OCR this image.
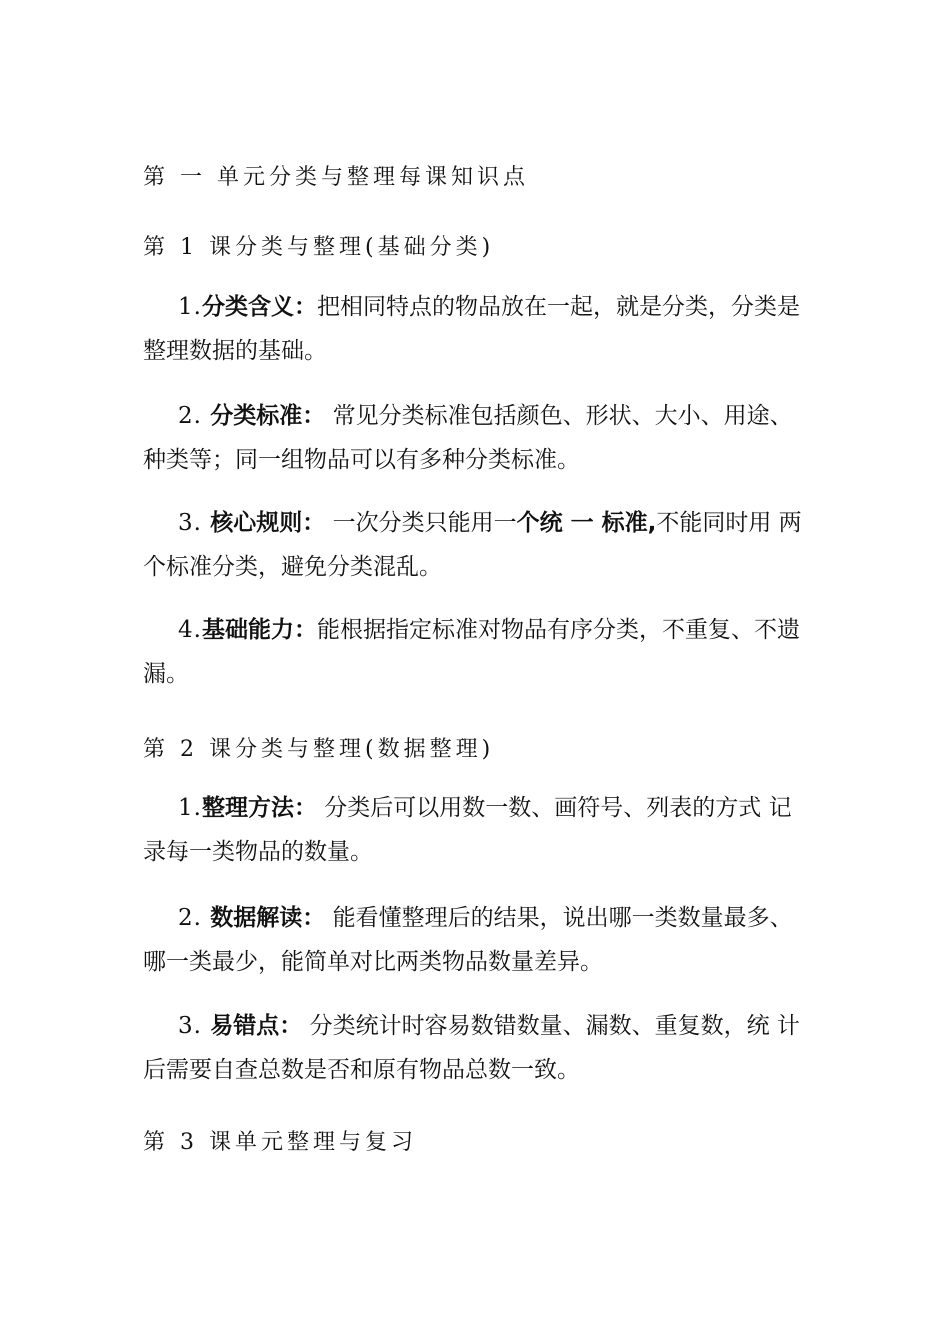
第 一 单元分类与整理每课知识点
第 1 课分类与整理(基础分类)
1.分类含义：把相同特点的物品放在一起，就是分类，分类是整理数据的基础。
2. 分类标准： 常见分类标准包括颜色、形状、大小、用途、 种类等；同一组物品可以有多种分类标准。
3. 核心规则： 一次分类只能用一个统 一 标准,不能同时用 两个标准分类，避免分类混乱。
4.基础能力：能根据指定标准对物品有序分类，不重复、不遗漏。
第 2 课分类与整理(数据整理)
1.整理方法： 分类后可以用数一数、画符号、列表的方式 记录每一类物品的数量。
2. 数据解读： 能看懂整理后的结果，说出哪一类数量最多、 哪一类最少，能简单对比两类物品数量差异。
3. 易错点： 分类统计时容易数错数量、漏数、重复数，统 计后需要自查总数是否和原有物品总数一致。
第 3 课单元整理与复习
